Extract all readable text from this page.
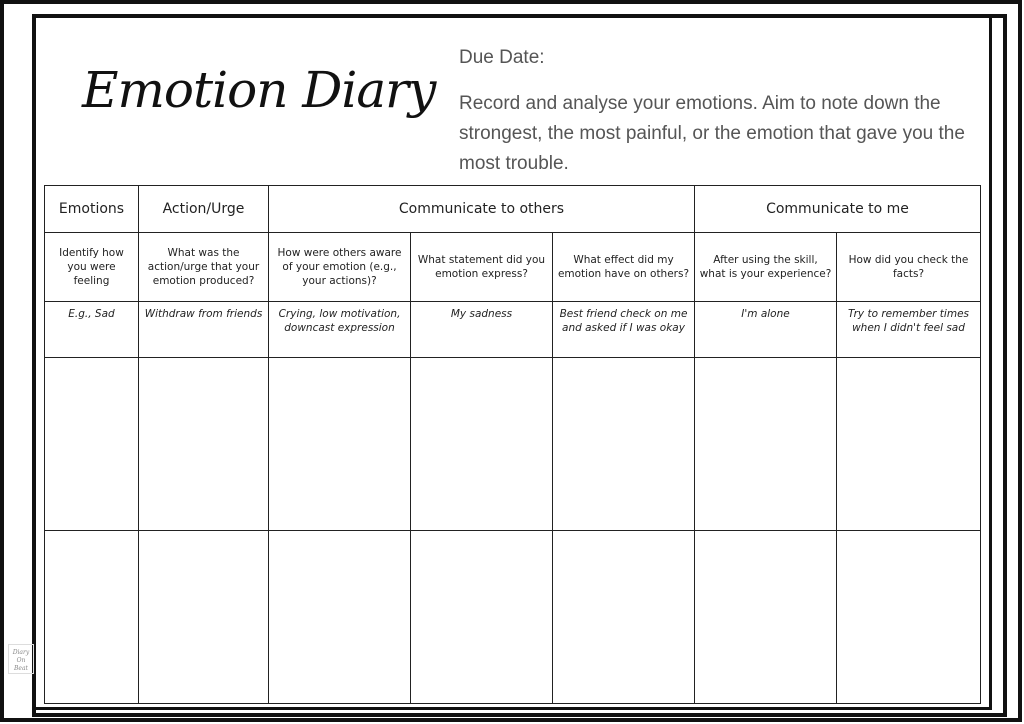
Emotion Diary
Due Date:
Record and analyse your emotions. Aim to note down the strongest, the most painful, or the emotion that gave you the most trouble.
Emotions	Action/Urge	Communicate to others			Communicate to me	
Identify how you were feeling	What was the action/urge that your emotion produced?	How were others aware of your emotion (e.g., your actions)?	What statement did you emotion express?	What effect did my emotion have on others?	After using the skill, what is your experience?	How did you check the facts?
E.g., Sad	Withdraw from friends	Crying, low motivation, downcast expression	My sadness	Best friend check on me and asked if I was okay	I'm alone	Try to remember times when I didn't feel sad

Diary On Beat
